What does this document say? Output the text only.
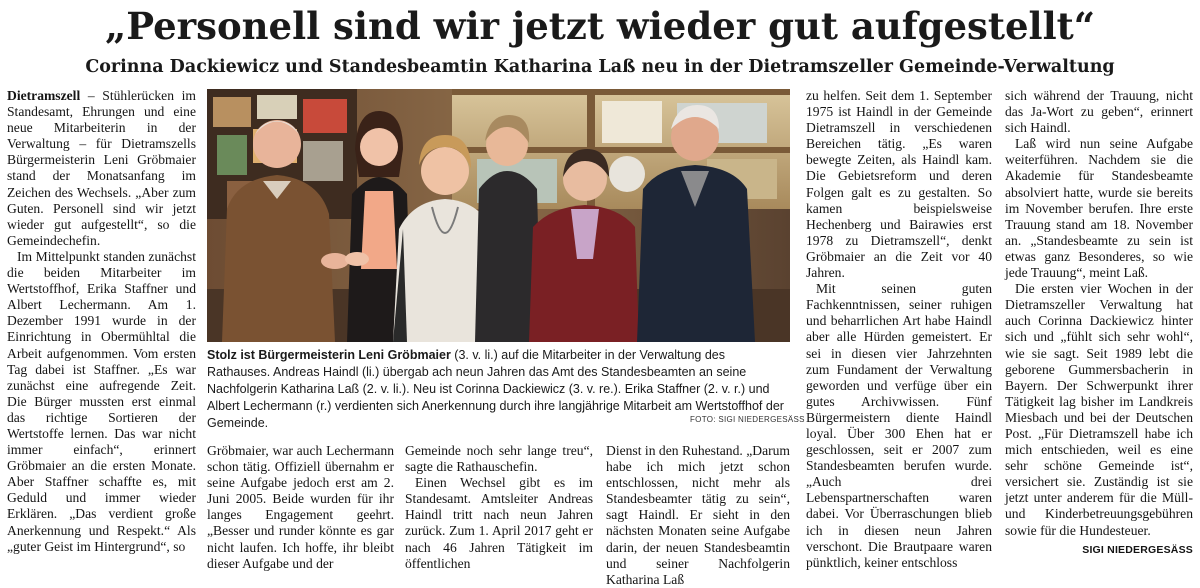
„Personell sind wir jetzt wieder gut aufgestellt“
Corinna Dackiewicz und Standesbeamtin Katharina Laß neu in der Dietramszeller Gemeinde-Verwaltung

Dietramszell – Stühlerücken im Standesamt, Ehrungen und eine neue Mitarbeiterin in der Verwaltung – für Dietramszells Bürgermeisterin Leni Gröbmaier stand der Monatsanfang im Zeichen des Wechsels. „Aber zum Guten. Personell sind wir jetzt wieder gut aufgestellt“, so die Gemeindechefin.

Im Mittelpunkt standen zunächst die beiden Mitarbeiter im Wertstoffhof, Erika Staffner und Albert Lechermann. Am 1. Dezember 1991 wurde in der Einrichtung in Obermühltal die Arbeit aufgenommen. Vom ersten Tag dabei ist Staffner. „Es war zunächst eine aufregende Zeit. Die Bürger mussten erst einmal das richtige Sortieren der Wertstoffe lernen. Das war nicht immer einfach“, erinnert Gröbmaier an die ersten Monate. Aber Staffner schaffte es, mit Geduld und immer wieder Erklären. „Das verdient große Anerkennung und Respekt.“ Als „guter Geist im Hintergrund“, so

Stolz ist Bürgermeisterin Leni Gröbmaier (3. v. li.) auf die Mitarbeiter in der Verwaltung des Rathauses. Andreas Haindl (li.) übergab ach neun Jahren das Amt des Standesbeamten an seine Nachfolgerin Katharina Laß (2. v. li.). Neu ist Corinna Dackiewicz (3. v. re.). Erika Staffner (2. v. r.) und Albert Lechermann (r.) verdienten sich Anerkennung durch ihre langjährige Mitarbeit am Wertstoffhof der Gemeinde.	FOTO: SIGI NIEDERGESÄSS

Gröbmaier, war auch Lechermann schon tätig. Offiziell übernahm er seine Aufgabe jedoch erst am 2. Juni 2005. Beide wurden für ihr langes Engagement geehrt. „Besser und runder könnte es gar nicht laufen. Ich hoffe, ihr bleibt dieser Aufgabe und der

Gemeinde noch sehr lange treu“, sagte die Rathauschefin.

Einen Wechsel gibt es im Standesamt. Amtsleiter Andreas Haindl tritt nach neun Jahren zurück. Zum 1. April 2017 geht er nach 46 Jahren Tätigkeit im öffentlichen

Dienst in den Ruhestand. „Darum habe ich mich jetzt schon entschlossen, nicht mehr als Standesbeamter tätig zu sein“, sagt Haindl. Er sieht in den nächsten Monaten seine Aufgabe darin, der neuen Standesbeamtin und seiner Nachfolgerin Katharina Laß

zu helfen. Seit dem 1. September 1975 ist Haindl in der Gemeinde Dietramszell in verschiedenen Bereichen tätig. „Es waren bewegte Zeiten, als Haindl kam. Die Gebietsreform und deren Folgen galt es zu gestalten. So kamen beispielsweise Hechenberg und Bairawies erst 1978 zu Dietramszell“, denkt Gröbmaier an die Zeit vor 40 Jahren.

Mit seinen guten Fachkenntnissen, seiner ruhigen und beharrlichen Art habe Haindl aber alle Hürden gemeistert. Er sei in diesen vier Jahrzehnten zum Fundament der Verwaltung geworden und verfüge über ein gutes Archivwissen. Fünf Bürgermeistern diente Haindl loyal. Über 300 Ehen hat er geschlossen, seit er 2007 zum Standesbeamten berufen wurde. „Auch drei Lebenspartnerschaften waren dabei. Vor Überraschungen blieb ich in diesen neun Jahren verschont. Die Brautpaare waren pünktlich, keiner entschloss

sich während der Trauung, nicht das Ja-Wort zu geben“, erinnert sich Haindl.

Laß wird nun seine Aufgabe weiterführen. Nachdem sie die Akademie für Standesbeamte absolviert hatte, wurde sie bereits im November berufen. Ihre erste Trauung stand am 18. November an. „Standesbeamte zu sein ist etwas ganz Besonderes, so wie jede Trauung“, meint Laß.

Die ersten vier Wochen in der Dietramszeller Verwaltung hat auch Corinna Dackiewicz hinter sich und „fühlt sich sehr wohl“, wie sie sagt. Seit 1989 lebt die geborene Gummersbacherin in Bayern. Der Schwerpunkt ihrer Tätigkeit lag bisher im Landkreis Miesbach und bei der Deutschen Post. „Für Dietramszell habe ich mich entschieden, weil es eine sehr schöne Gemeinde ist“, versichert sie. Zuständig ist sie jetzt unter anderem für die Müll- und Kinderbetreuungsgebühren sowie für die Hundesteuer.
SIGI NIEDERGESÄSS
